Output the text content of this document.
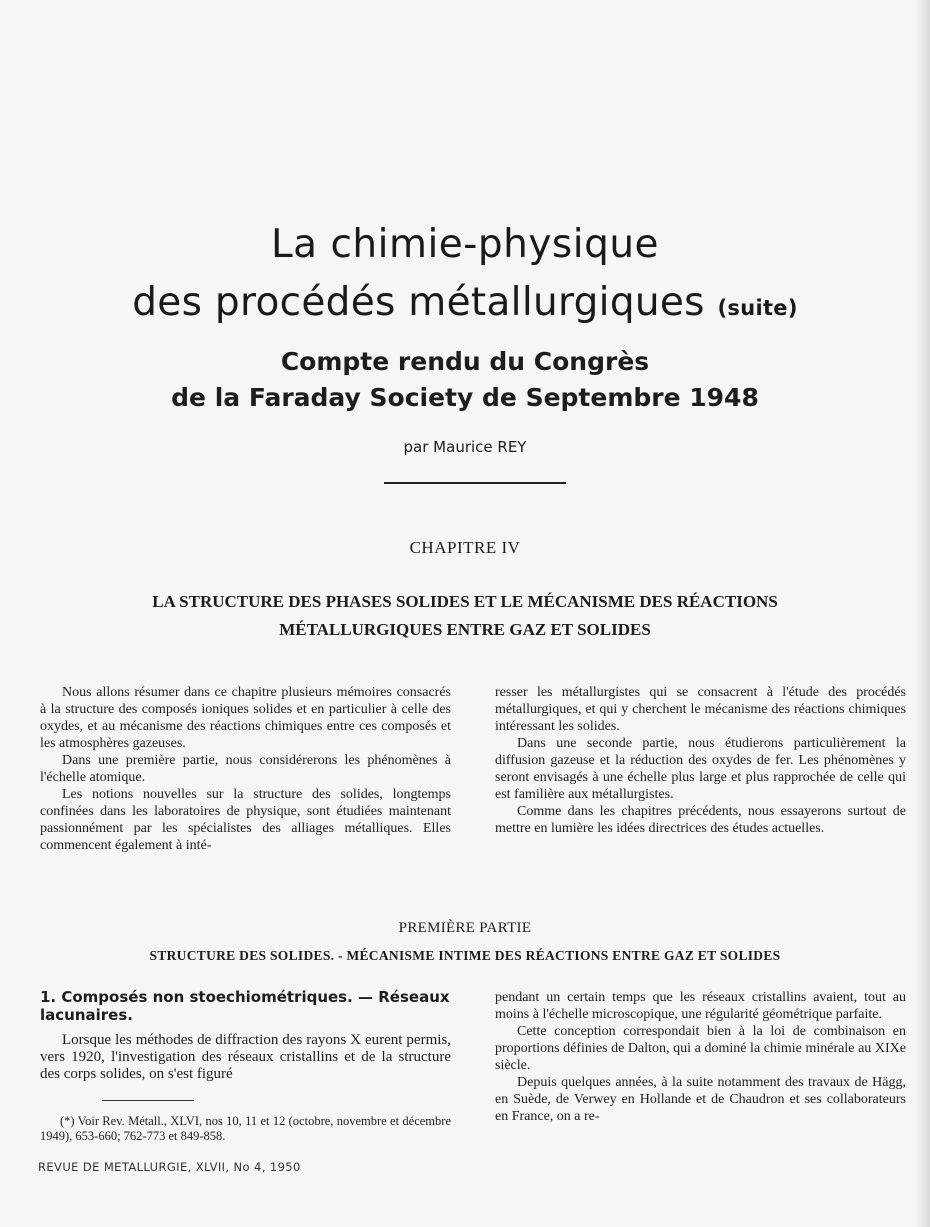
La chimie-physique
des procédés métallurgiques (suite)
Compte rendu du Congrès
de la Faraday Society de Septembre 1948
par Maurice REY
CHAPITRE IV
LA STRUCTURE DES PHASES SOLIDES ET LE MÉCANISME DES RÉACTIONS
MÉTALLURGIQUES ENTRE GAZ ET SOLIDES

Nous allons résumer dans ce chapitre plusieurs mémoires consacrés à la structure des composés ioniques solides et en particulier à celle des oxydes, et au mécanisme des réactions chimiques entre ces composés et les atmosphères gazeuses.

Dans une première partie, nous considérerons les phénomènes à l'échelle atomique.

Les notions nouvelles sur la structure des solides, longtemps confinées dans les laboratoires de physique, sont étudiées maintenant passionnément par les spécialistes des alliages métalliques. Elles commencent également à inté-

resser les métallurgistes qui se consacrent à l'étude des procédés métallurgiques, et qui y cherchent le mécanisme des réactions chimiques intéressant les solides.

Dans une seconde partie, nous étudierons particulièrement la diffusion gazeuse et la réduction des oxydes de fer. Les phénomènes y seront envisagés à une échelle plus large et plus rapprochée de celle qui est familière aux métallurgistes.

Comme dans les chapitres précédents, nous essayerons surtout de mettre en lumière les idées directrices des études actuelles.

PREMIÈRE PARTIE
STRUCTURE DES SOLIDES. - MÉCANISME INTIME DES RÉACTIONS ENTRE GAZ ET SOLIDES
1. Composés non stoechiométriques. — Réseaux lacunaires.

Lorsque les méthodes de diffraction des rayons X eurent permis, vers 1920, l'investigation des réseaux cristallins et de la structure des corps solides, on s'est figuré

pendant un certain temps que les réseaux cristallins avaient, tout au moins à l'échelle microscopique, une régularité géométrique parfaite.

Cette conception correspondait bien à la loi de combinaison en proportions définies de Dalton, qui a dominé la chimie minérale au XIXe siècle.

Depuis quelques années, à la suite notamment des travaux de Hägg, en Suède, de Verwey en Hollande et de Chaudron et ses collaborateurs en France, on a re-

(*) Voir Rev. Métall., XLVI, nos 10, 11 et 12 (octobre, novembre et décembre 1949), 653-660; 762-773 et 849-858.

REVUE DE METALLURGIE, XLVII, No 4, 1950
